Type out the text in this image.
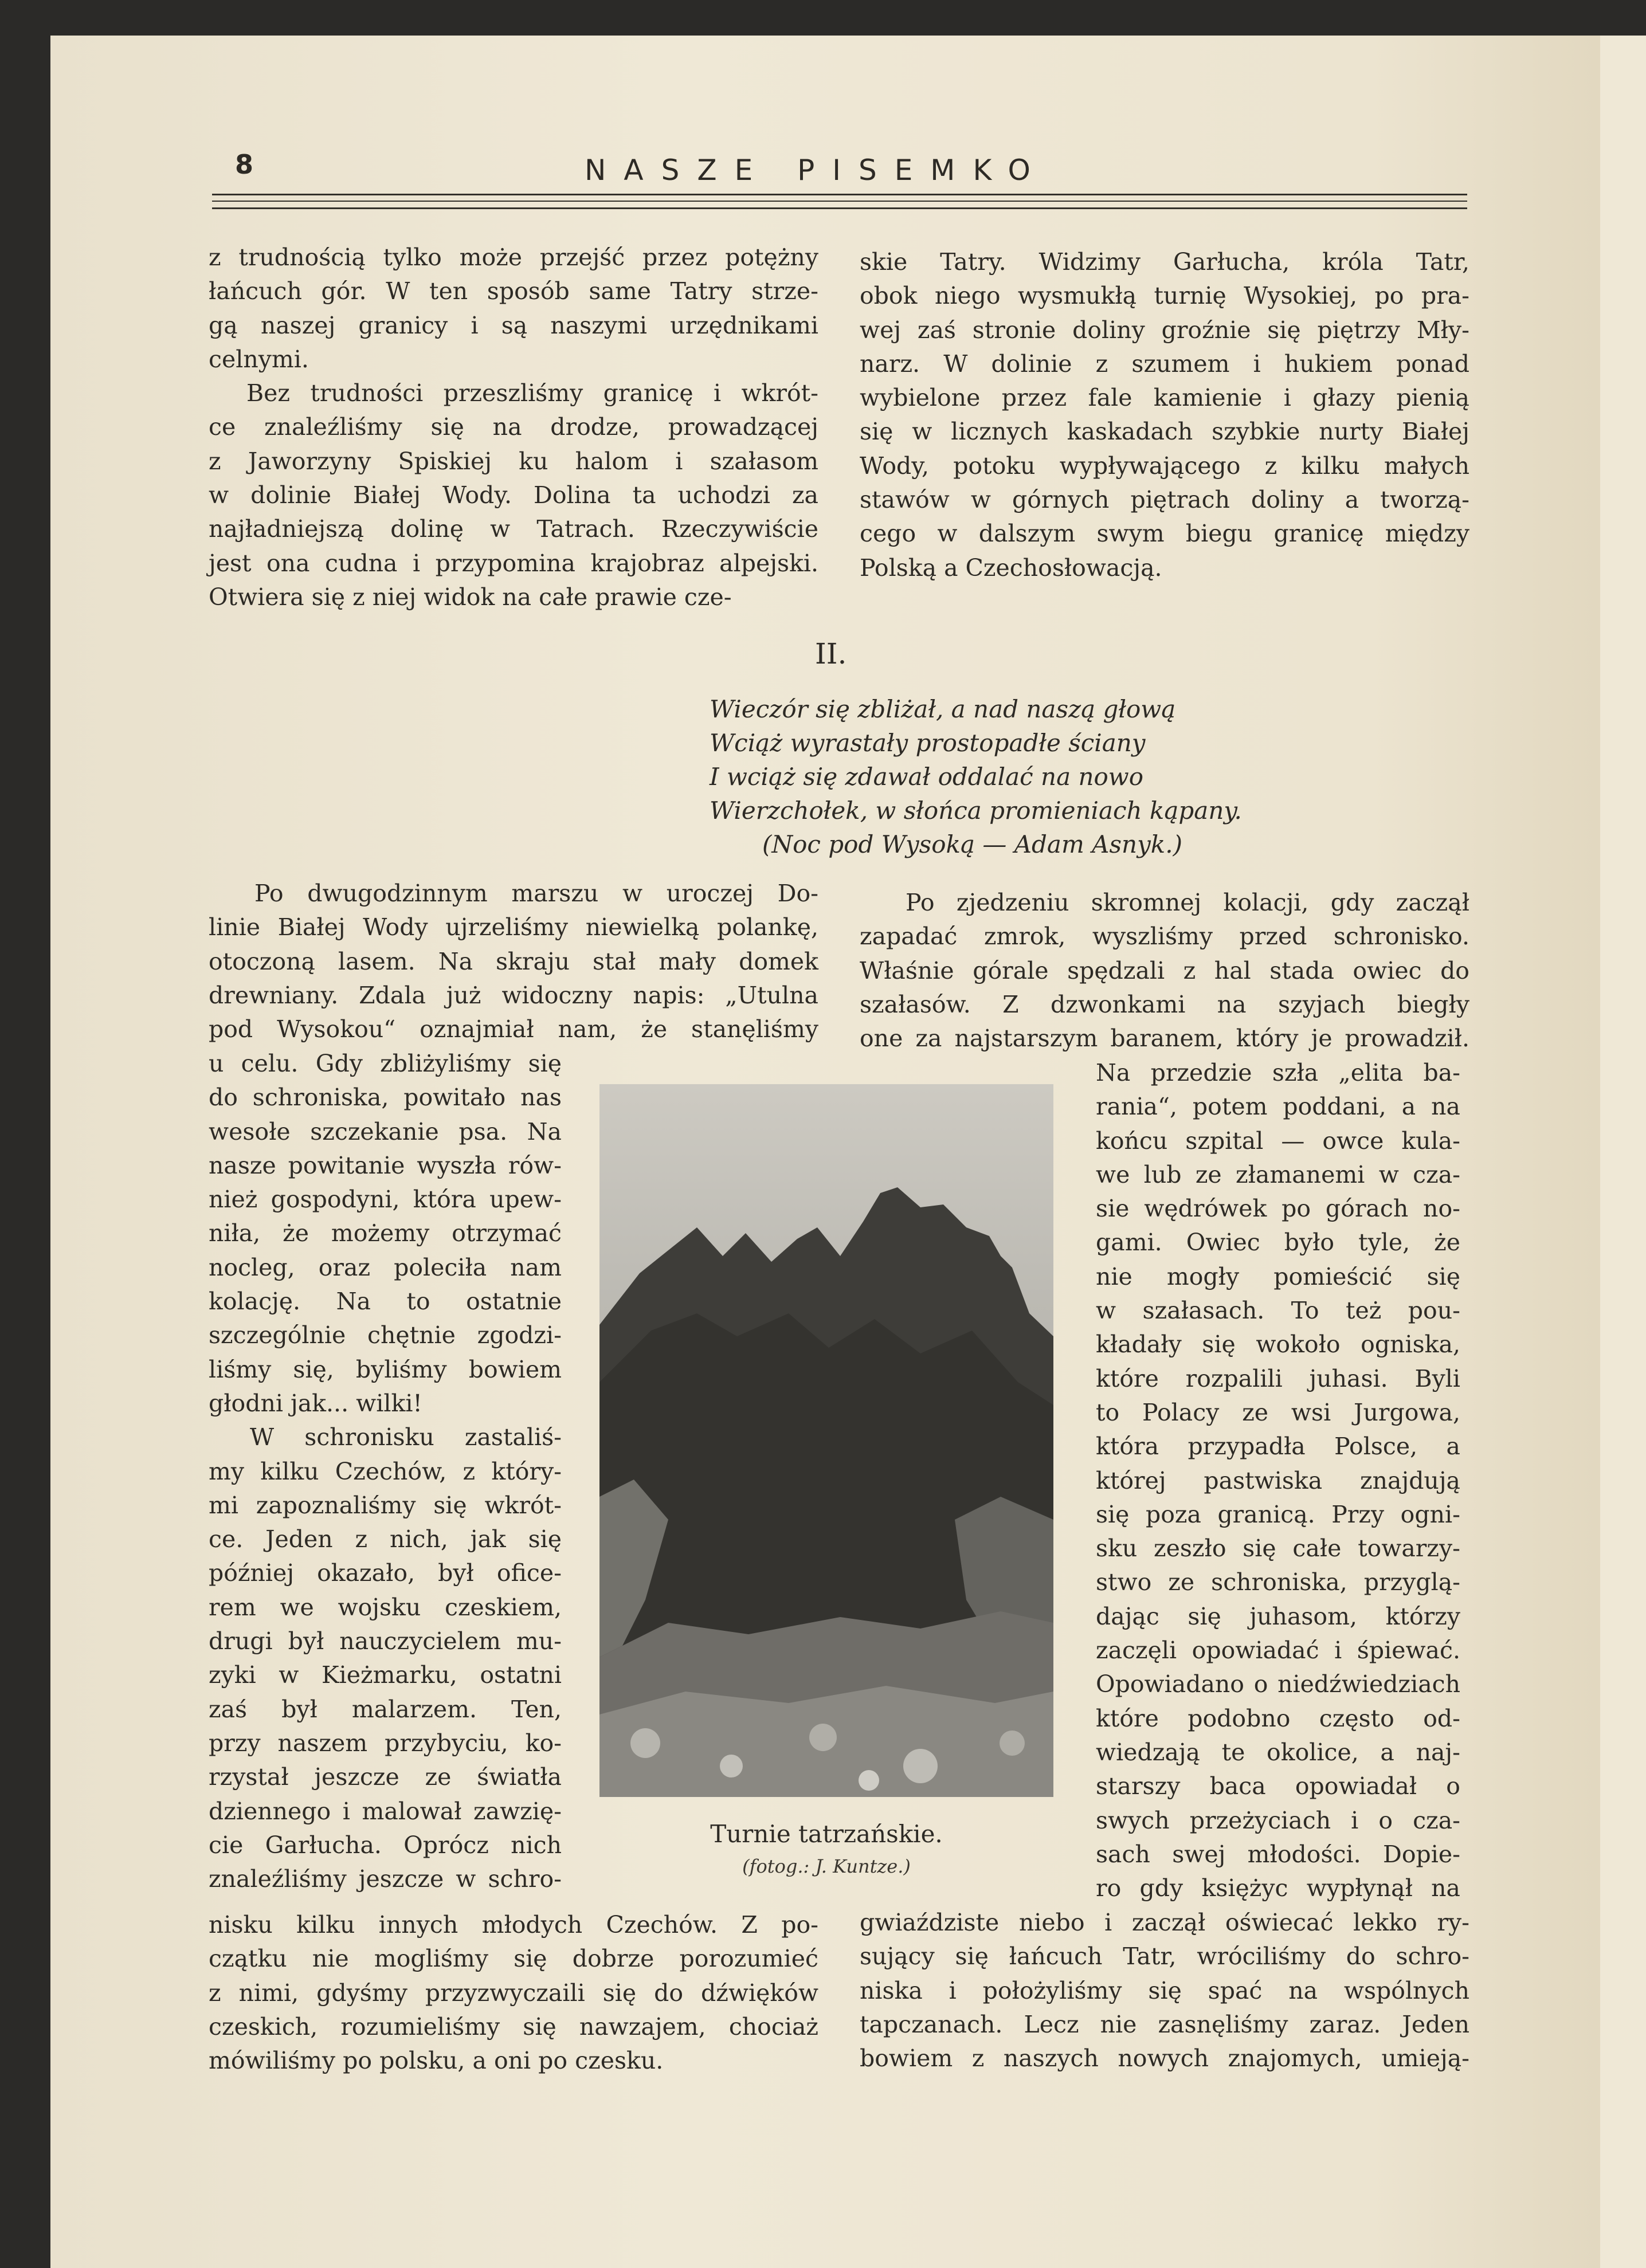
8	NASZE PISEMKO
z trudnością tylko może przejść przez potężny
łańcuch gór. W ten sposób same Tatry strze-
gą naszej granicy i są naszymi urzędnikami
celnymi.
Bez trudności przeszliśmy granicę i wkrót-
ce znaleźliśmy się na drodze, prowadzącej
z Jaworzyny Spiskiej ku halom i szałasom
w dolinie Białej Wody. Dolina ta uchodzi za
najładniejszą dolinę w Tatrach. Rzeczywiście
jest ona cudna i przypomina krajobraz alpejski.
Otwiera się z niej widok na całe prawie cze-
skie Tatry. Widzimy Garłucha, króla Tatr,
obok niego wysmukłą turnię Wysokiej, po pra-
wej zaś stronie doliny groźnie się piętrzy Mły-
narz. W dolinie z szumem i hukiem ponad
wybielone przez fale kamienie i głazy pienią
się w licznych kaskadach szybkie nurty Białej
Wody, potoku wypływającego z kilku małych
stawów w górnych piętrach doliny a tworzą-
cego w dalszym swym biegu granicę między
Polską a Czechosłowacją.
II.
Wieczór się zbliżał, a nad naszą głową
Wciąż wyrastały prostopadłe ściany
I wciąż się zdawał oddalać na nowo
Wierzchołek, w słońca promieniach kąpany.
(Noc pod Wysoką — Adam Asnyk.)
Po dwugodzinnym marszu w uroczej Do-
linie Białej Wody ujrzeliśmy niewielką polankę,
otoczoną lasem. Na skraju stał mały domek
drewniany. Zdala już widoczny napis: „Utulna
pod Wysokou“ oznajmiał nam, że stanęliśmy
u celu. Gdy zbliżyliśmy się
do schroniska, powitało nas
wesołe szczekanie psa. Na
nasze powitanie wyszła rów-
nież gospodyni, która upew-
niła, że możemy otrzymać
nocleg, oraz poleciła nam
kolację. Na to ostatnie
szczególnie chętnie zgodzi-
liśmy się, byliśmy bowiem
głodni jak... wilki!
W schronisku zastaliś-
my kilku Czechów, z który-
mi zapoznaliśmy się wkrót-
ce. Jeden z nich, jak się
później okazało, był ofice-
rem we wojsku czeskiem,
drugi był nauczycielem mu-
zyki w Kieżmarku, ostatni
zaś był malarzem. Ten,
przy naszem przybyciu, ko-
rzystał jeszcze ze światła
dziennego i malował zawzię-
cie Garłucha. Oprócz nich
znaleźliśmy jeszcze w schro-
nisku kilku innych młodych Czechów. Z po-
czątku nie mogliśmy się dobrze porozumieć
z nimi, gdyśmy przyzwyczaili się do dźwięków
czeskich, rozumieliśmy się nawzajem, chociaż
mówiliśmy po polsku, a oni po czesku.
Po zjedzeniu skromnej kolacji, gdy zaczął
zapadać zmrok, wyszliśmy przed schronisko.
Właśnie górale spędzali z hal stada owiec do
szałasów. Z dzwonkami na szyjach biegły
one za najstarszym baranem, który je prowadził.
Na przedzie szła „elita ba-
rania“, potem poddani, a na
końcu szpital — owce kula-
we lub ze złamanemi w cza-
sie wędrówek po górach no-
gami. Owiec było tyle, że
nie mogły pomieścić się
w szałasach. To też pou-
kładały się wokoło ogniska,
które rozpalili juhasi. Byli
to Polacy ze wsi Jurgowa,
która przypadła Polsce, a
której pastwiska znajdują
się poza granicą. Przy ogni-
sku zeszło się całe towarzy-
stwo ze schroniska, przyglą-
dając się juhasom, którzy
zaczęli opowiadać i śpiewać.
Opowiadano o niedźwiedziach
które podobno często od-
wiedzają te okolice, a naj-
starszy baca opowiadał o
swych przeżyciach i o cza-
sach swej młodości. Dopie-
ro gdy księżyc wypłynął na
gwiaździste niebo i zaczął oświecać lekko ry-
sujący się łańcuch Tatr, wróciliśmy do schro-
niska i położyliśmy się spać na wspólnych
tapczanach. Lecz nie zasnęliśmy zaraz. Jeden
bowiem z naszych nowych znajomych, umieją-
Turnie tatrzańskie.
(fotog.: J. Kuntze.)
